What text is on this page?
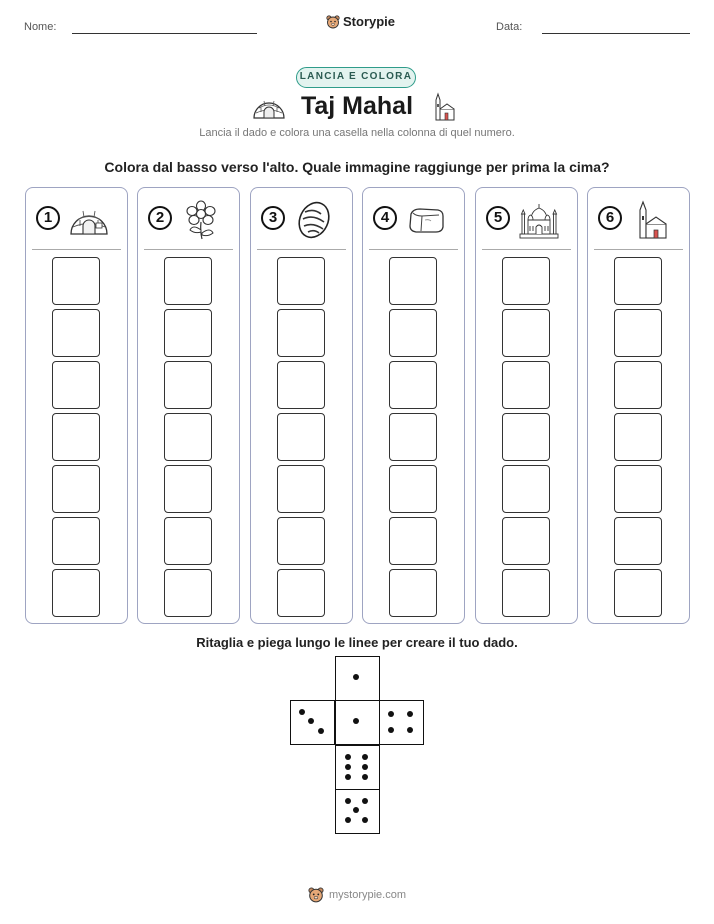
Nome:	Storypie	Data:
LANCIA E COLORA
Taj Mahal
Lancia il dado e colora una casella nella colonna di quel numero.
Colora dal basso verso l'alto. Quale immagine raggiunge per prima la cima?
1	2	3	4	5	6
Ritaglia e piega lungo le linee per creare il tuo dado.
mystorypie.com
